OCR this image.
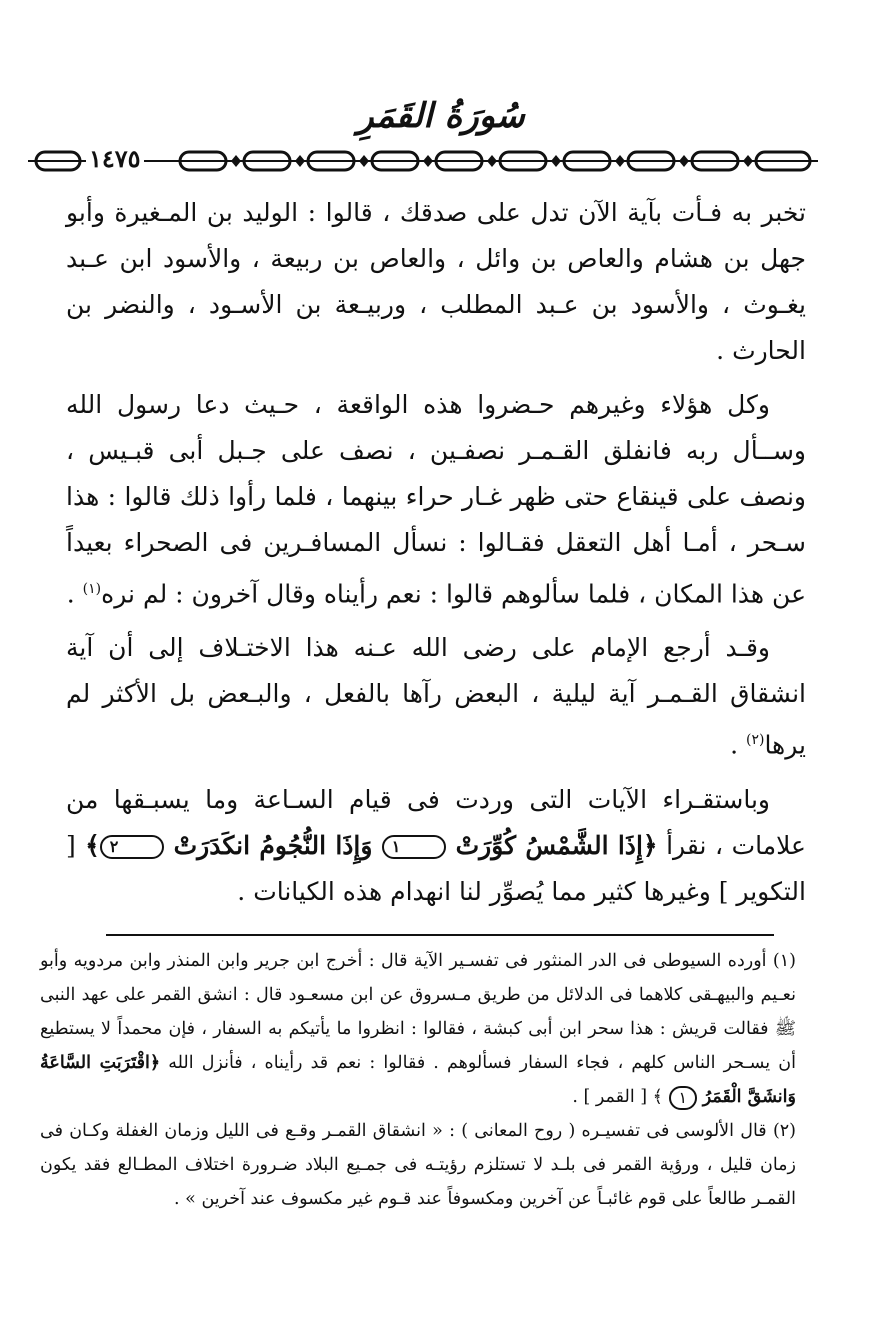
سُورَةُ القَمَرِ
١٤٧٥

تخبر به فـأت بآية الآن تدل على صدقك ، قالوا : الوليد بن المـغيرة وأبو جهل بن هشام والعاص بن وائل ، والعاص بن ربيعة ، والأسود ابن عـبد يغـوث ، والأسود بن عـبد المطلب ، وربيـعة بن الأسـود ، والنضر بن الحارث .

وكل هؤلاء وغيرهم حـضروا هذه الواقعة ، حـيث دعا رسول الله وســأل ربه فانفلق القـمـر نصفـين ، نصف على جـبل أبى قبـيس ، ونصف على قينقاع حتى ظهر غـار حراء بينهما ، فلما رأوا ذلك قالوا : هذا سـحر ، أمـا أهل التعقل فقـالوا : نسأل المسافـرين فى الصحراء بعيداً عن هذا المكان ، فلما سألوهم قالوا : نعم رأيناه وقال آخرون : لم نره$^{(١)}$ .

وقـد أرجع الإمام على رضى الله عـنه هذا الاختـلاف إلى أن آية انشقاق القـمـر آية ليلية ، البعض رآها بالفعل ، والبـعض بل الأكثر لم يرها$^{(٢)}$ .

وباستقـراء الآيات التى وردت فى قيام السـاعة وما يسبـقها من علامات ، نقرأ ﴿إِذَا الشَّمْسُ كُوِّرَتْ ١ وَإِذَا النُّجُومُ انكَدَرَتْ ٢﴾ [ التكوير ] وغيرها كثير مما يُصوِّر لنا انهدام هذه الكيانات .

(١) أورده السيوطى فى الدر المنثور فى تفسـير الآية قال : أخرج ابن جرير وابن المنذر وابن مردويه وأبو نعـيم والبيهـقى كلاهما فى الدلائل من طريق مـسروق عن ابن مسعـود قال : انشق القمر على عهد النبى ﷺ فقالت قريش : هذا سحر ابن أبى كبشة ، فقالوا : انظروا ما يأتيكم به السفار ، فإن محمداً لا يستطيع أن يسـحر الناس كلهم ، فجاء السفار فسألوهم . فقالوا : نعم قد رأيناه ، فأنزل الله ﴿اقْتَرَبَتِ السَّاعَةُ وَانشَقَّ الْقَمَرُ ١ ﴾ [ القمر ] .

(٢) قال الألوسى فى تفسيـره ( روح المعانى ) : « انشقاق القمـر وقـع فى الليل وزمان الغفلة وكـان فى زمان قليل ، ورؤية القمر فى بلـد لا تستلزم رؤيتـه فى جمـيع البلاد ضـرورة اختلاف المطـالع فقد يكون القمـر طالعاً على قوم غائبـاً عن آخرين ومكسوفاً عند قـوم غير مكسوف عند آخرين » .
